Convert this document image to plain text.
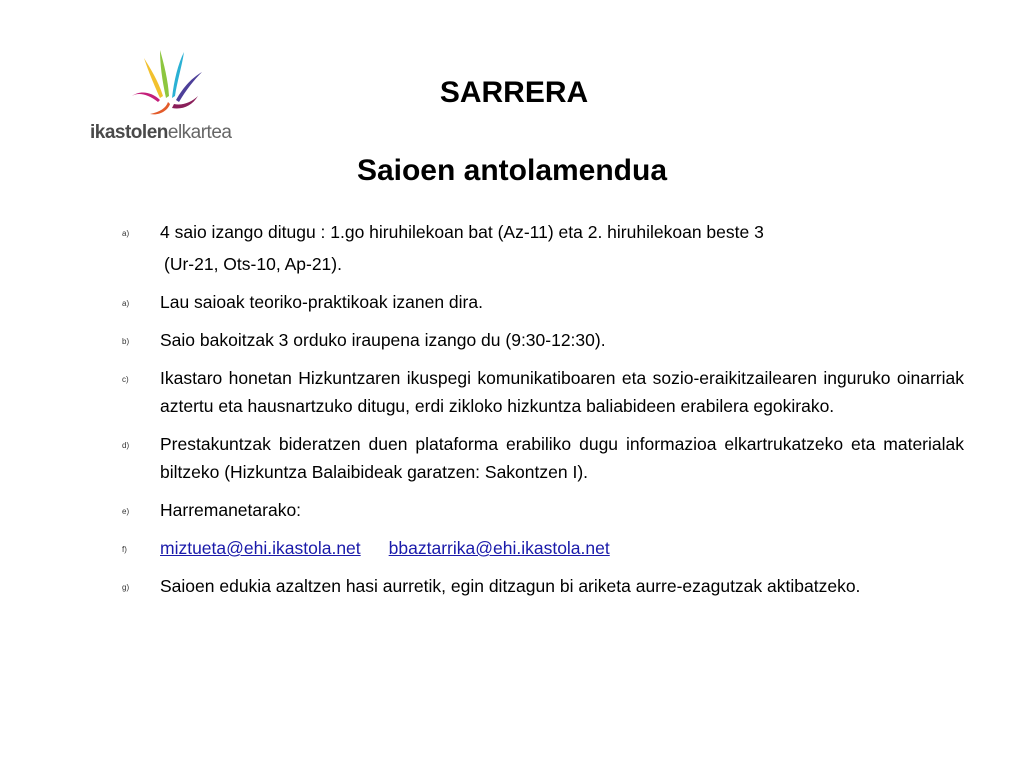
ikastolenelkartea
SARRERA
Saioen antolamendua
a) 4 saio izango ditugu : 1.go hiruhilekoan bat (Az-11) eta 2. hiruhilekoan beste 3
(Ur-21, Ots-10, Ap-21).
a) Lau saioak teoriko-praktikoak izanen dira.
b) Saio bakoitzak 3 orduko iraupena izango du (9:30-12:30).
c) Ikastaro honetan Hizkuntzaren ikuspegi komunikatiboaren eta sozio-eraikitzailearen inguruko oinarriak aztertu eta hausnartzuko ditugu, erdi zikloko hizkuntza baliabideen erabilera egokirako.
d) Prestakuntzak bideratzen duen plataforma erabiliko dugu informazioa elkartrukatzeko eta materialak biltzeko (Hizkuntza Balaibideak garatzen: Sakontzen I).
e) Harremanetarako:
f) miztueta@ehi.ikastola.net bbaztarrika@ehi.ikastola.net
g) Saioen edukia azaltzen hasi aurretik, egin ditzagun bi ariketa aurre-ezagutzak aktibatzeko.
